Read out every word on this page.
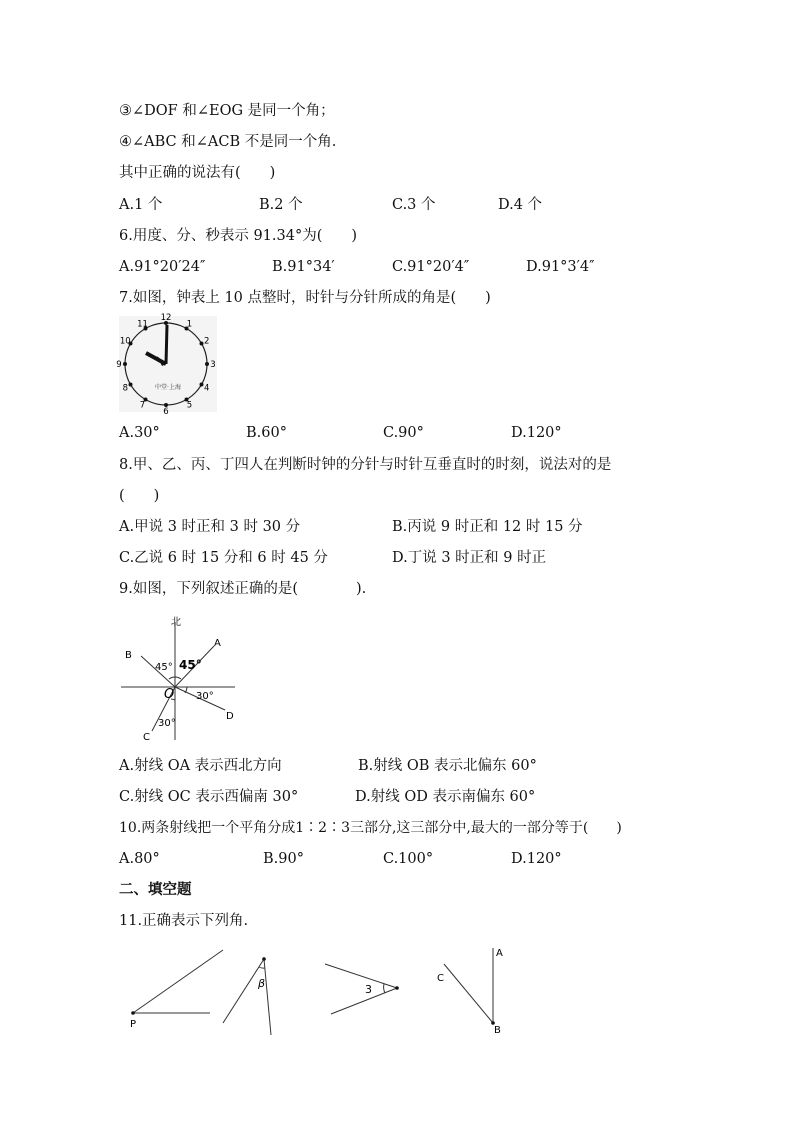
③∠DOF 和∠EOG 是同一个角；
④∠ABC 和∠ACB 不是同一个角.
其中正确的说法有(　　)
A.1 个	B.2 个	C.3 个	D.4 个
6.用度、分、秒表示 91.34°为(　　)
A.91°20′24″	B.91°34′	C.91°20′4″	D.91°3′4″
7.如图，钟表上 10 点整时，时针与分针所成的角是(　　)
12
1
2
3
4
5
6
7
8
9
10
11
中堂·上海
A.30°	B.60°	C.90°	D.120°
8.甲、乙、丙、丁四人在判断时钟的分针与时针互垂直时的时刻，说法对的是
(　　)
A.甲说 3 时正和 3 时 30 分	B.丙说 9 时正和 12 时 15 分
C.乙说 6 时 15 分和 6 时 45 分	D.丁说 3 时正和 9 时正
9.如图，下列叙述正确的是(　　　　).
北
A
B
C
D
O
45° 45°
30°
30°
A.射线 OA 表示西北方向	B.射线 OB 表示北偏东 60°
C.射线 OC 表示西偏南 30°	D.射线 OD 表示南偏东 60°
10.两条射线把一个平角分成1∶2∶3三部分,这三部分中,最大的一部分等于(　　)
A.80°	B.90°	C.100°	D.120°
二、填空题
11.正确表示下列角.
P
β	3
A
B
C
